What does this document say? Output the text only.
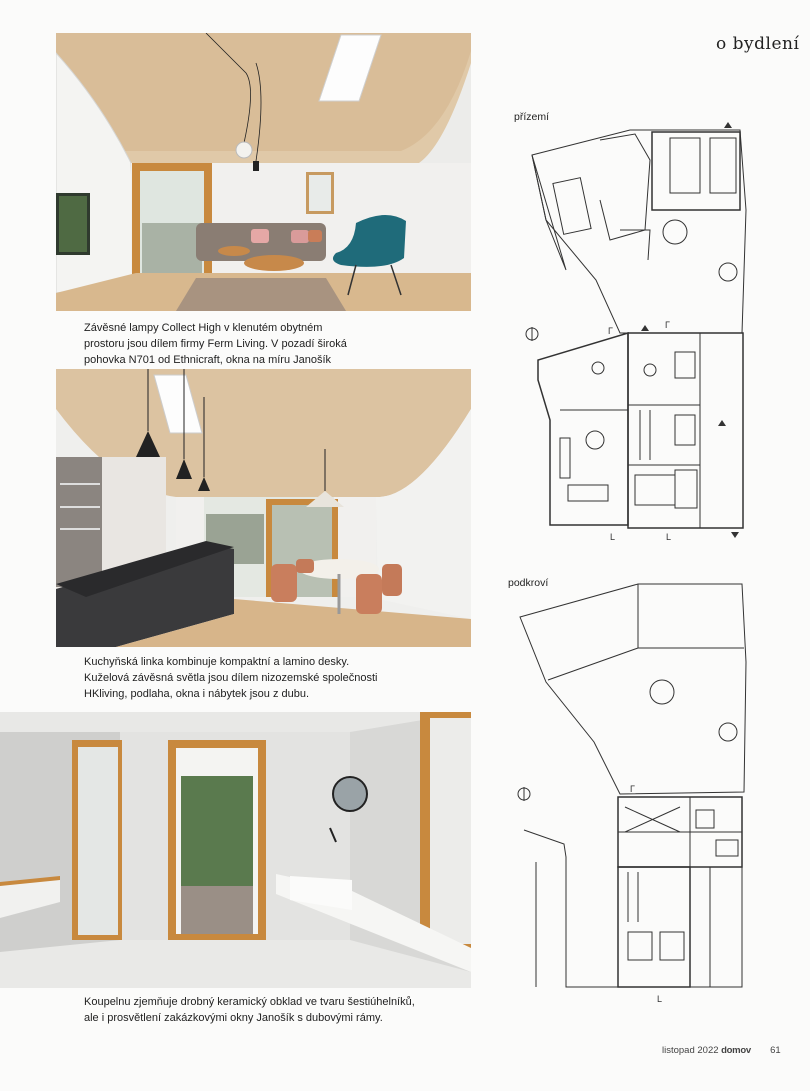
o bydlení
Závěsné lampy Collect High v klenutém obytném
prostoru jsou dílem firmy Ferm Living. V pozadí široká
pohovka N701 od Ethnicraft, okna na míru Janošík
Kuchyňská linka kombinuje kompaktní a lamino desky.
Kuželová závěsná světla jsou dílem nizozemské společnosti
HKliving, podlaha, okna i nábytek jsou z dubu.
Koupelnu zjemňuje drobný keramický obklad ve tvaru šestiúhelníků,
ale i prosvětlení zakázkovými okny Janošík s dubovými rámy.
přízemí
Γ
Γ
L	L
podkroví
Γ
L
listopad 2022 domov 61
